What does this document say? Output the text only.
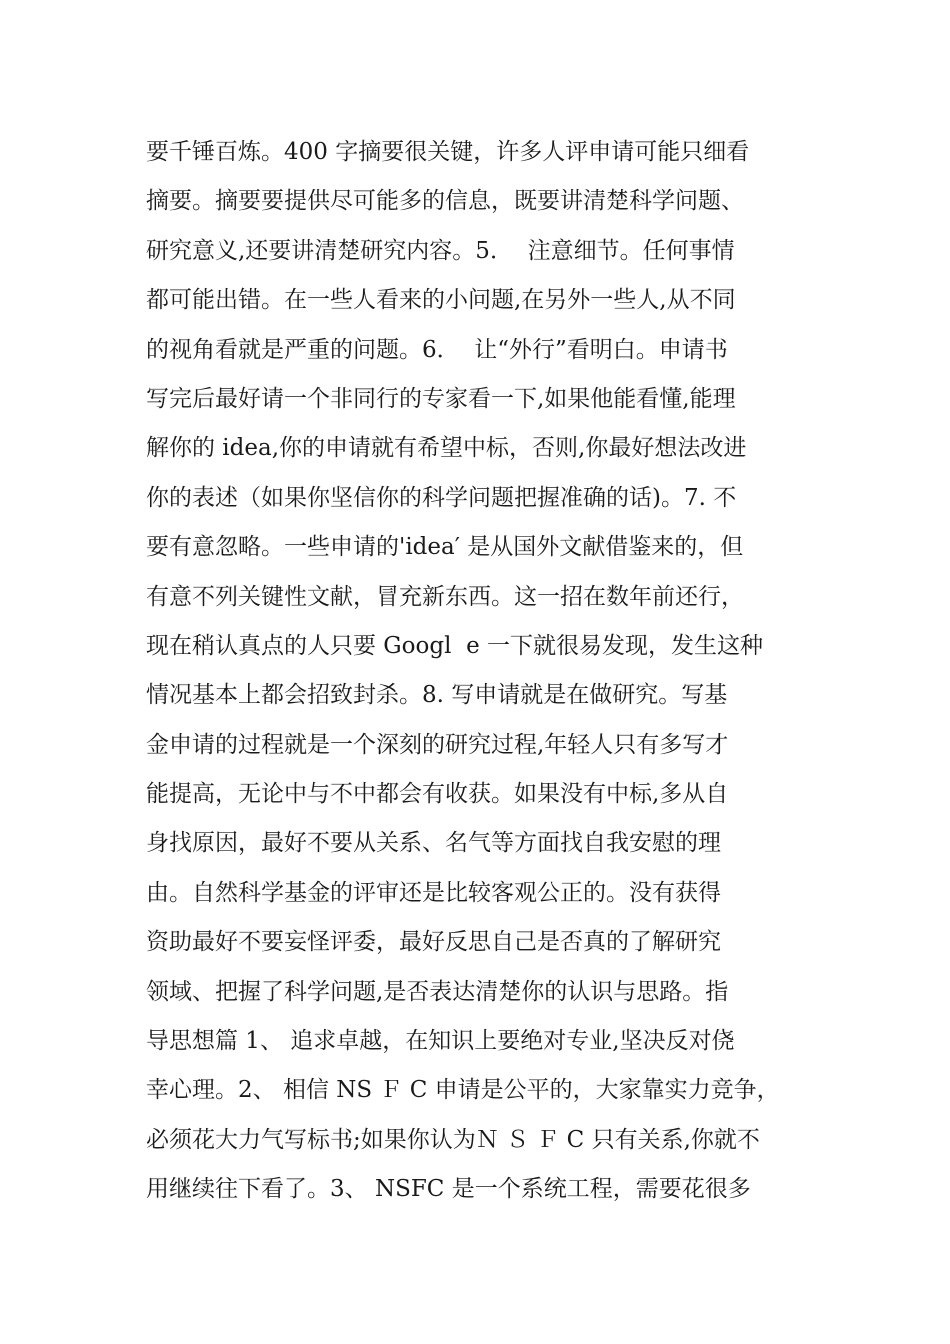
要千锤百炼。400 字摘要很关键，许多人评申请可能只细看
摘要。摘要要提供尽可能多的信息，既要讲清楚科学问题、
研究意义,还要讲清楚研究内容。5．  注意细节。任何事情
都可能出错。在一些人看来的小问题,在另外一些人,从不同
的视角看就是严重的问题。6．  让“外行”看明白。申请书
写完后最好请一个非同行的专家看一下,如果他能看懂,能理
解你的 idea,你的申请就有希望中标，否则,你最好想法改进
你的表述（如果你坚信你的科学问题把握准确的话)。7. 不
要有意忽略。一些申请的'idea′ 是从国外文献借鉴来的，但
有意不列关键性文献，冒充新东西。这一招在数年前还行，
现在稍认真点的人只要 Googl  e 一下就很易发现，发生这种
情况基本上都会招致封杀。8. 写申请就是在做研究。写基
金申请的过程就是一个深刻的研究过程,年轻人只有多写才
能提高，无论中与不中都会有收获。如果没有中标,多从自
身找原因，最好不要从关系、名气等方面找自我安慰的理
由。自然科学基金的评审还是比较客观公正的。没有获得
资助最好不要妄怪评委，最好反思自己是否真的了解研究
领域、把握了科学问题,是否表达清楚你的认识与思路。指
导思想篇 1、 追求卓越，在知识上要绝对专业,坚决反对侥
幸心理。2、 相信 NS Ｆ C 申请是公平的，大家靠实力竞争，
必须花大力气写标书;如果你认为Ｎ Ｓ Ｆ C 只有关系,你就不
用继续往下看了。3、 NSFC 是一个系统工程，需要花很多
